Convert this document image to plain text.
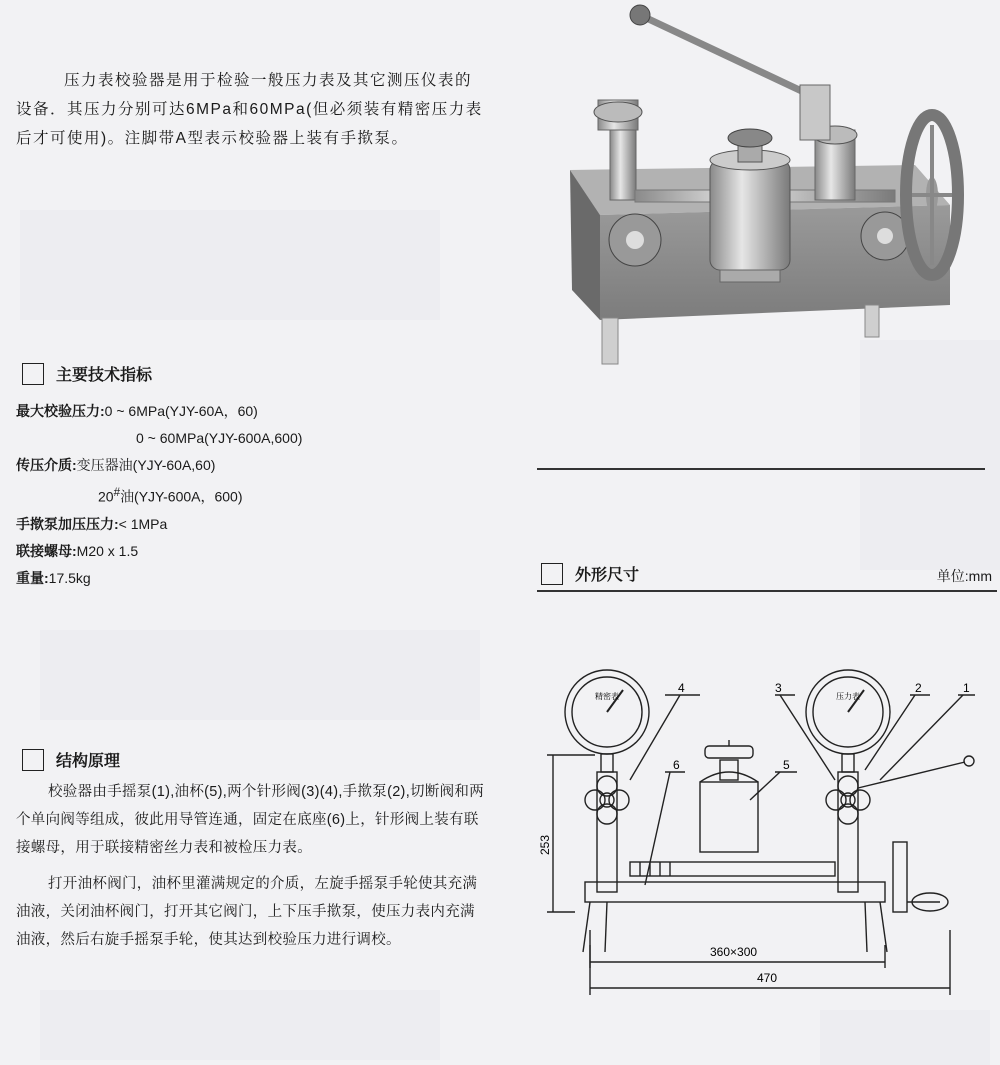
压力表校验器是用于检验一般压力表及其它测压仪表的设备．其压力分别可达6MPa和60MPa(但必须装有精密压力表后才可使用)。注脚带A型表示校验器上装有手揿泵。
主要技术指标
最大校验压力:0 ~ 6MPa(YJY-60A，60)
0 ~ 60MPa(YJY-600A,600)
传压介质:变压器油(YJY-60A,60)
20#油(YJY-600A，600)
手揿泵加压压力:< 1MPa
联接螺母:M20 x 1.5
重量:17.5kg
结构原理

校验器由手摇泵(1),油杯(5),两个针形阀(3)(4),手揿泵(2),切断阀和两个单向阀等组成，彼此用导管连通，固定在底座(6)上，针形阀上装有联接螺母，用于联接精密丝力表和被检压力表。

打开油杯阀门，油杯里灌满规定的介质，左旋手摇泵手轮使其充满油液，关闭油杯阀门，打开其它阀门，上下压手揿泵，使压力表内充满油液，然后右旋手摇泵手轮，使其达到校验压力进行调校。

外形尺寸	单位:mm
精密表	压力表
4	3	2	1
6	5
253
360×300
470
